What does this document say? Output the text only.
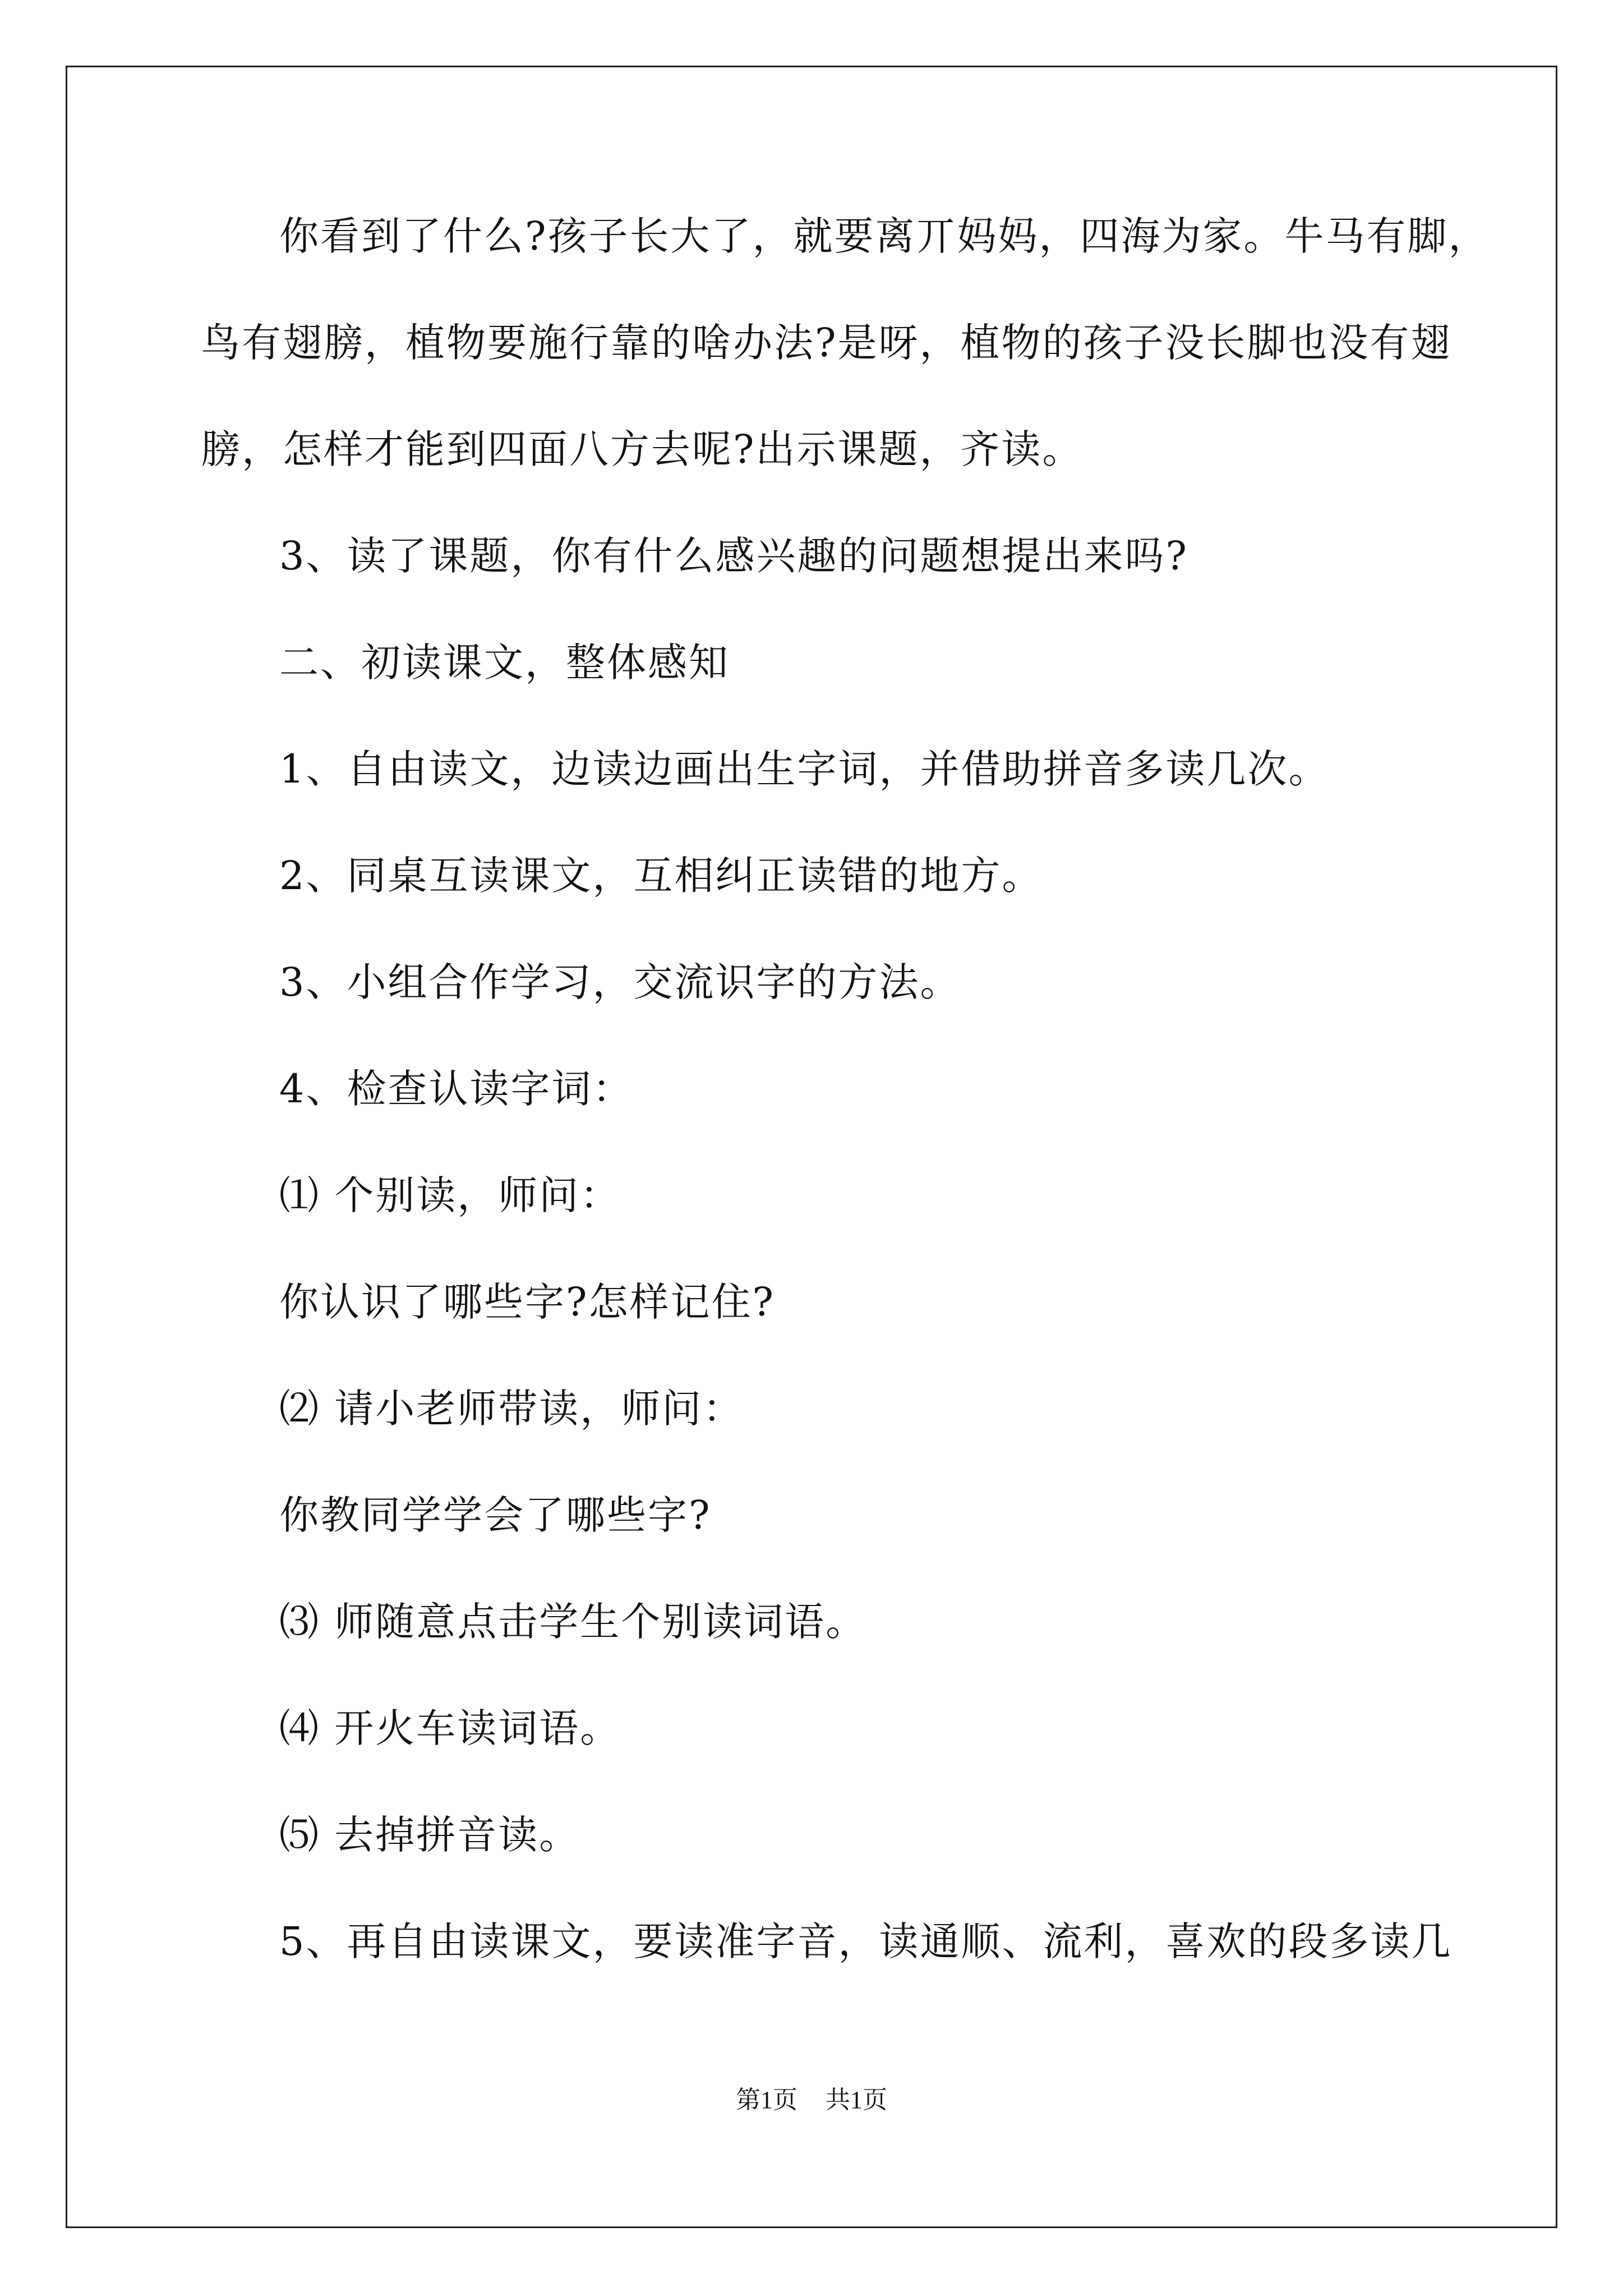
你看到了什么?孩子长大了，就要离丌妈妈，四海为家。牛马有脚，
鸟有翅膀，植物要施行靠的啥办法?是呀，植物的孩子没长脚也没有翅
膀，怎样才能到四面八方去呢?出示课题，齐读。
3、读了课题，你有什么感兴趣的问题想提出来吗?
二、初读课文，整体感知
1、自由读文，边读边画出生字词，并借助拼音多读几次。
2、同桌互读课文，互相纠正读错的地方。
3、小组合作学习，交流识字的方法。
4、检查认读字词：
⑴ 个别读，师问：
你认识了哪些字?怎样记住?
⑵ 请小老师带读，师问：
你教同学学会了哪些字?
⑶ 师随意点击学生个别读词语。
⑷ 开火车读词语。
⑸ 去掉拼音读。
5、再自由读课文，要读准字音，读通顺、流利，喜欢的段多读几
第1页 共1页
